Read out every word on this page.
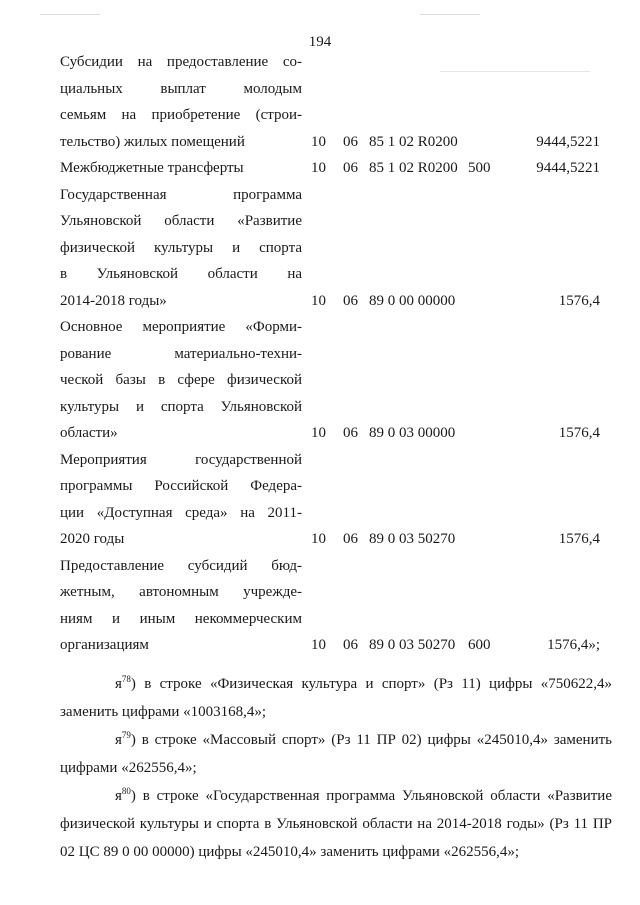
194
Субсидии на предоставление со-
циальных выплат молодым
семьям на приобретение (строи-
тельство) жилых помещений	10 06 85 1 02 R0200	9444,5221
Межбюджетные трансферты	10 06 85 1 02 R0200 500	9444,5221
Государственная программа
Ульяновской области «Развитие
физической культуры и спорта
в Ульяновской области на
2014-2018 годы»	10 06 89 0 00 00000	1576,4
Основное мероприятие «Форми-
рование материально-техни-
ческой базы в сфере физической
культуры и спорта Ульяновской
области»	10 06 89 0 03 00000	1576,4
Мероприятия государственной
программы Российской Федера-
ции «Доступная среда» на 2011-
2020 годы	10 06 89 0 03 50270	1576,4
Предоставление субсидий бюд-
жетным, автономным учрежде-
ниям и иным некоммерческим
организациям	10 06 89 0 03 50270 600	1576,4»;

$я^{78}$) в строке «Физическая культура и спорт» (Рз 11) цифры «750622,4» заменить цифрами «1003168,4»;

$я^{79}$) в строке «Массовый спорт» (Рз 11 ПР 02) цифры «245010,4» заменить цифрами «262556,4»;

$я^{80}$) в строке «Государственная программа Ульяновской области «Развитие физической культуры и спорта в Ульяновской области на 2014-2018 годы» (Рз 11 ПР 02 ЦС 89 0 00 00000) цифры «245010,4» заменить цифрами «262556,4»;
